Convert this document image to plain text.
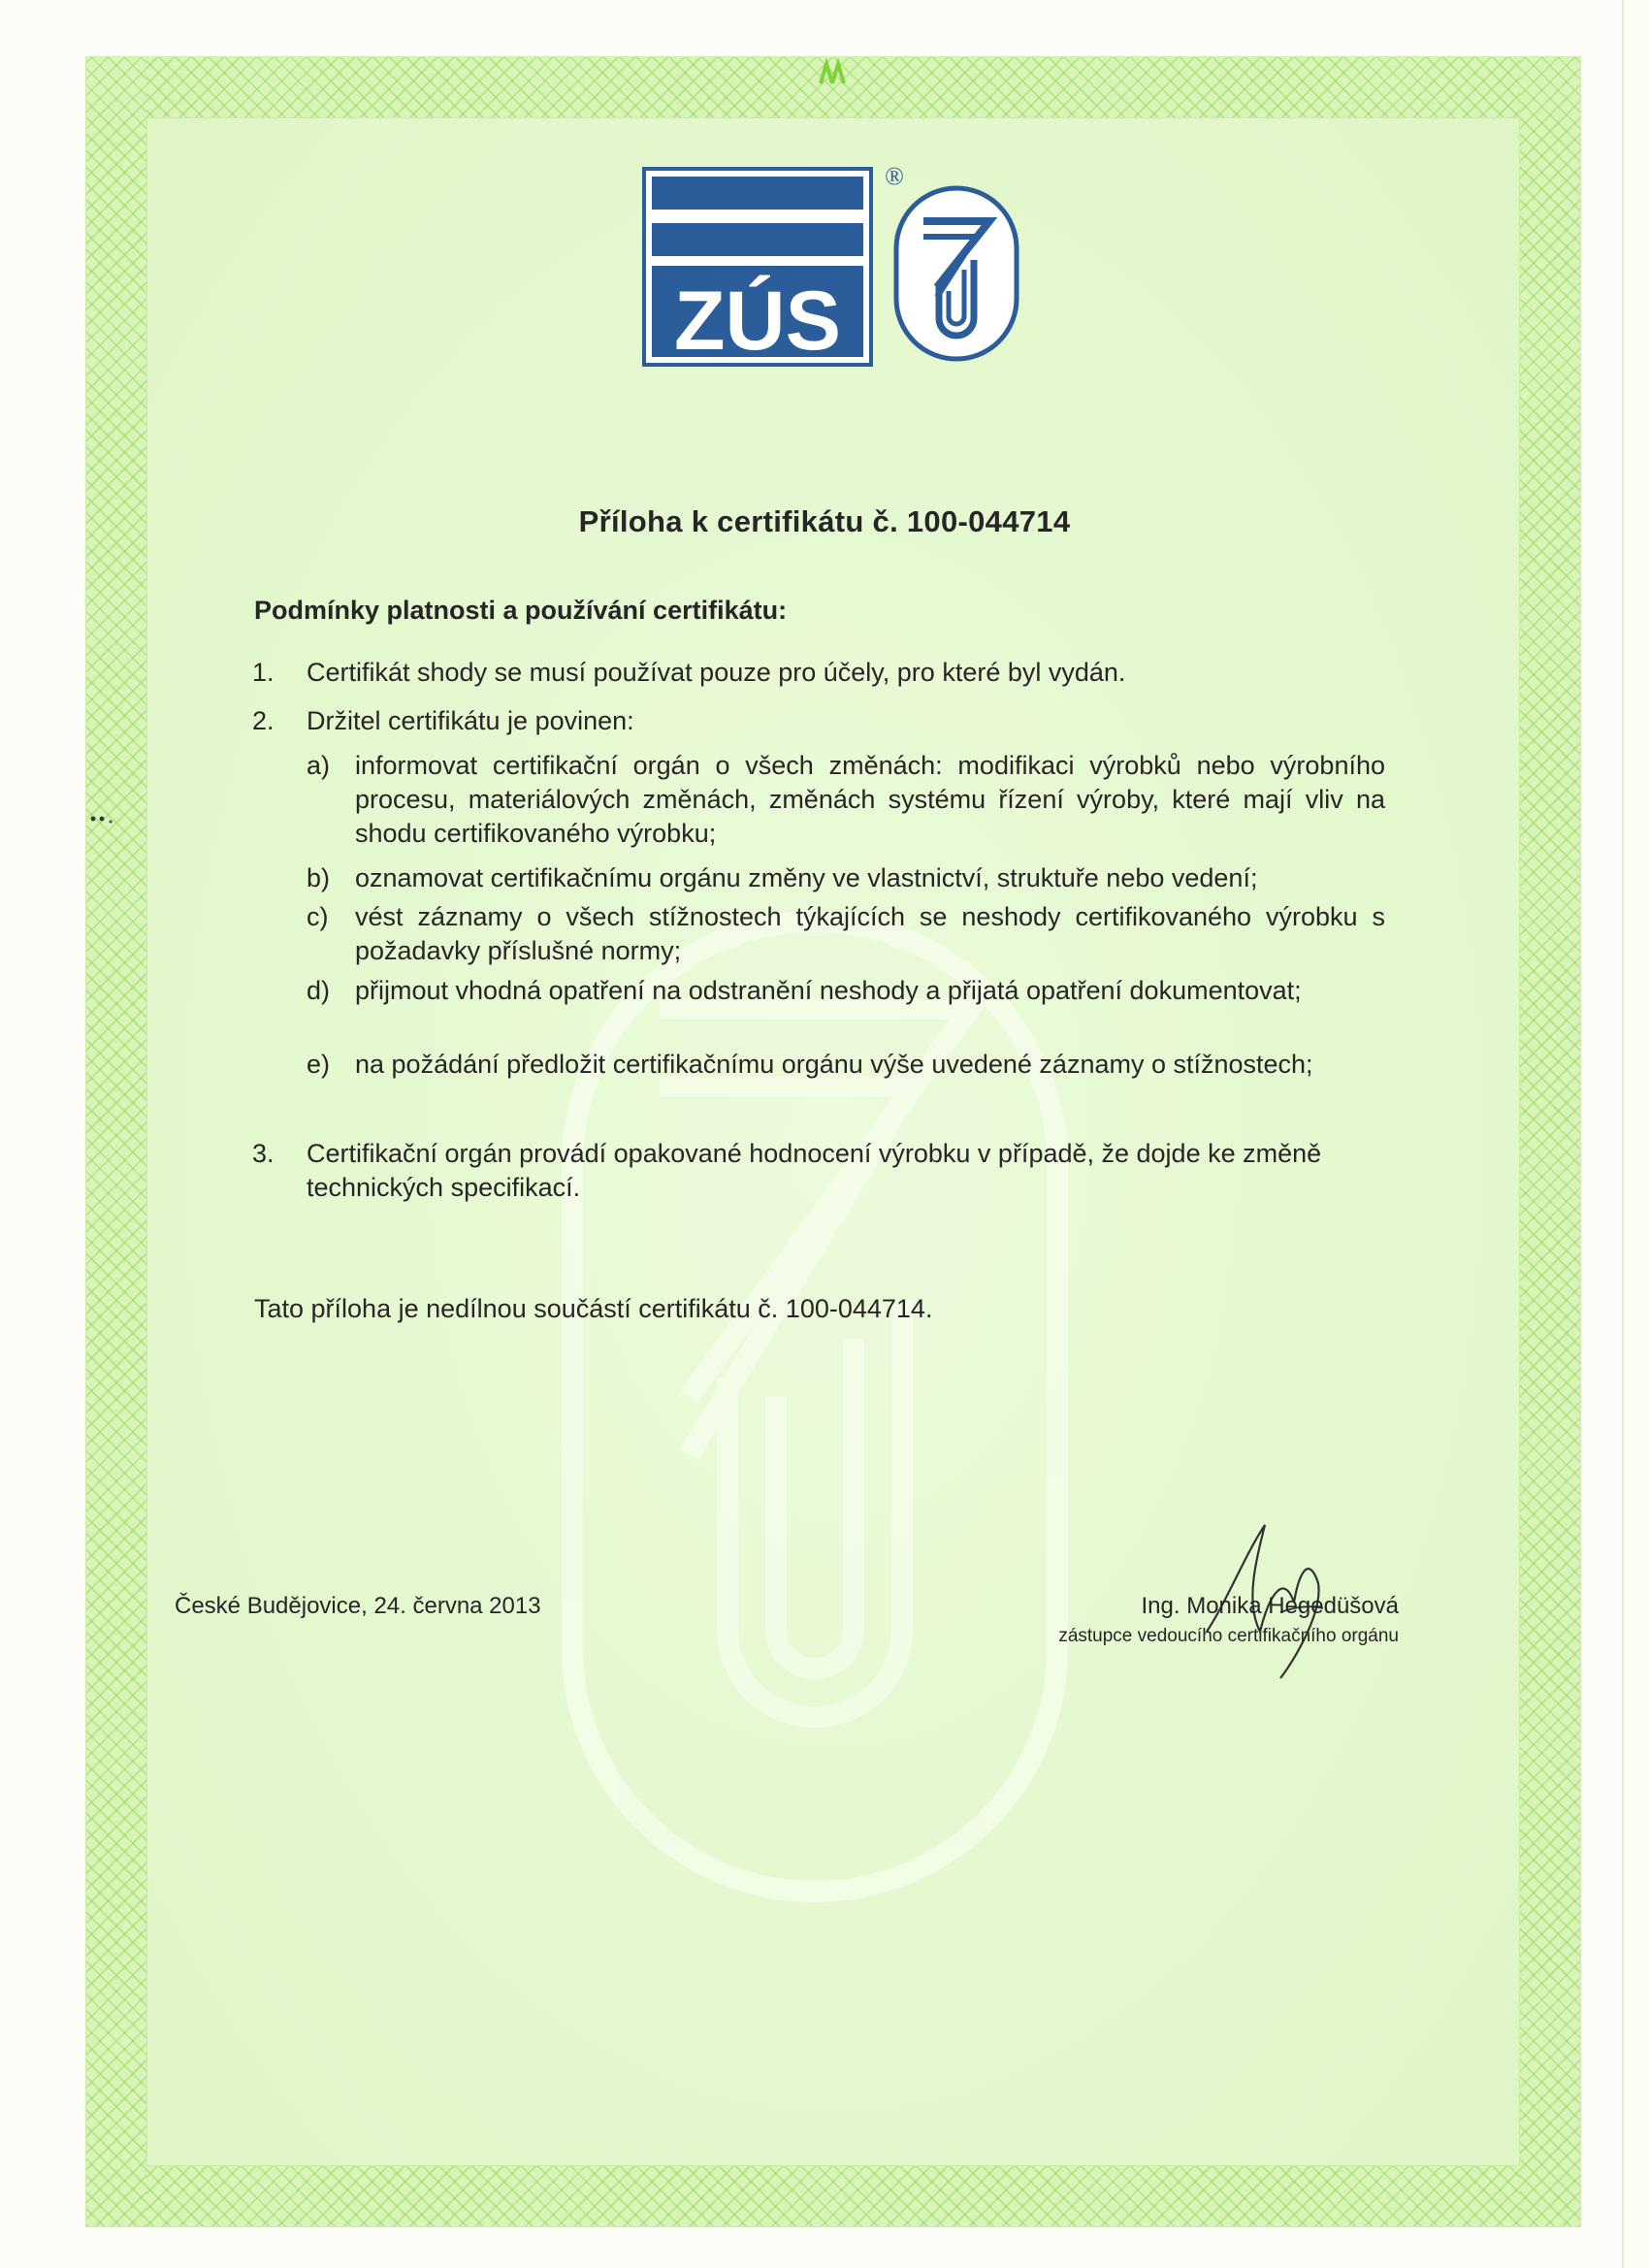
ZÚS
®
Příloha k certifikátu č. 100-044714
Podmínky platnosti a používání certifikátu:
1.	Certifikát shody se musí používat pouze pro účely, pro které byl vydán.
2.	Držitel certifikátu je povinen:
a) informovat certifikační orgán o všech změnách: modifikaci výrobků nebo výrobního procesu, materiálových změnách, změnách systému řízení výroby, které mají vliv na shodu certifikovaného výrobku;
b) oznamovat certifikačnímu orgánu změny ve vlastnictví, struktuře nebo vedení;
c)	vést záznamy o všech stížnostech týkajících se neshody certifikovaného výrobku s požadavky příslušné normy;
d) přijmout vhodná opatření na odstranění neshody a přijatá opatření dokumentovat;
e) na požádání předložit certifikačnímu orgánu výše uvedené záznamy o stížnostech;
3.	Certifikační orgán provádí opakované hodnocení výrobku v případě, že dojde ke změně technických specifikací.
Tato příloha je nedílnou součástí certifikátu č. 100-044714.
České Budějovice, 24. června 2013	Ing. Monika Hegedüšová
zástupce vedoucího certifikačního orgánu
